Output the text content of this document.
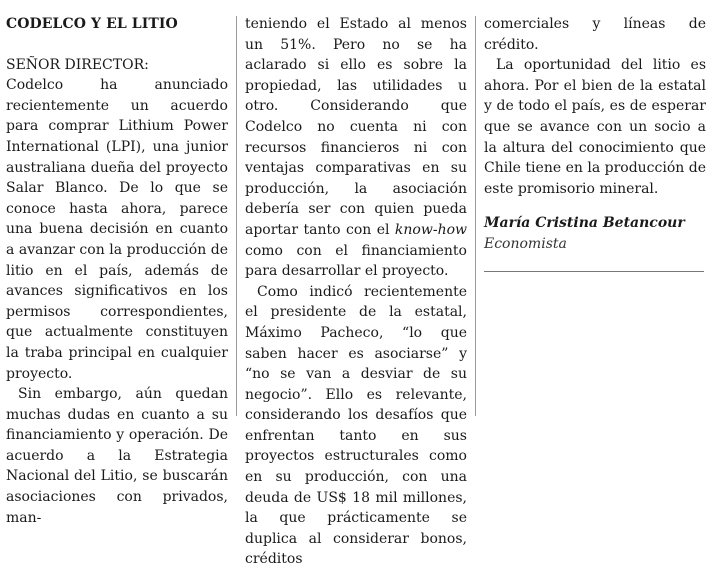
CODELCO Y EL LITIO
SEÑOR DIRECTOR:

Codelco ha anunciado recientemente un acuerdo para comprar Lithium Power International (LPI), una junior australiana dueña del proyecto Salar Blanco. De lo que se conoce hasta ahora, parece una buena decisión en cuanto a avanzar con la producción de litio en el país, además de avances significativos en los permisos correspondientes, que actualmente constituyen la traba principal en cualquier proyecto.

Sin embargo, aún quedan muchas dudas en cuanto a su financiamiento y operación. De acuerdo a la Estrategia Nacional del Litio, se buscarán asociaciones con privados, man-

teniendo el Estado al menos un 51%. Pero no se ha aclarado si ello es sobre la propiedad, las utilidades u otro. Considerando que Codelco no cuenta ni con recursos financieros ni con ventajas comparativas en su producción, la asociación debería ser con quien pueda aportar tanto con el know-how como con el financiamiento para desarrollar el proyecto.

Como indicó recientemente el presidente de la estatal, Máximo Pacheco, “lo que saben hacer es asociarse” y “no se van a desviar de su negocio”. Ello es relevante, considerando los desafíos que enfrentan tanto en sus proyectos estructurales como en su producción, con una deuda de US$ 18 mil millones, la que prácticamente se duplica al considerar bonos, créditos

comerciales y líneas de crédito.

La oportunidad del litio es ahora. Por el bien de la estatal y de todo el país, es de esperar que se avance con un socio a la altura del conocimiento que Chile tiene en la producción de este promisorio mineral.

María Cristina Betancour
Economista
